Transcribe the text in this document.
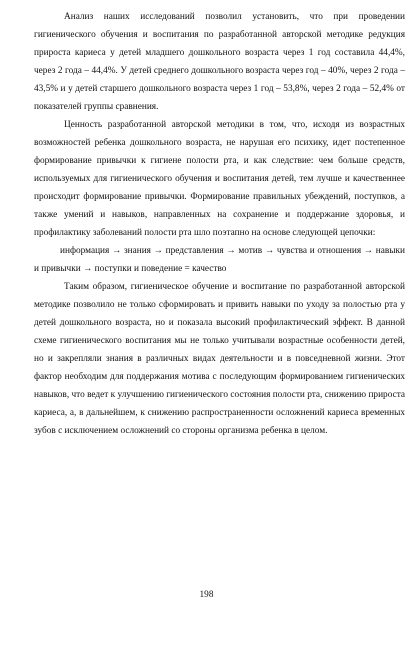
Анализ наших исследований позволил установить, что при проведении гигиенического обучения и воспитания по разработанной авторской методике редукция прироста кариеса у детей младшего дошкольного возраста через 1 год составила 44,4%, через 2 года – 44,4%. У детей среднего дошкольного возраста через год – 40%, через 2 года – 43,5% и у детей старшего дошкольного возраста через 1 год – 53,8%, через 2 года – 52,4% от показателей группы сравнения.

Ценность разработанной авторской методики в том, что, исходя из возрастных возможностей ребенка дошкольного возраста, не нарушая его психику, идет постепенное формирование привычки к гигиене полости рта, и как следствие: чем больше средств, используемых для гигиенического обучения и воспитания детей, тем лучше и качественнее происходит формирование привычки. Формирование правильных убеждений, поступков, а также умений и навыков, направленных на сохранение и поддержание здоровья, и профилактику заболеваний полости рта шло поэтапно на основе следующей цепочки:

информация → знания → представления → мотив → чувства и отношения → навыки и привычки → поступки и поведение = качество

Таким образом, гигиеническое обучение и воспитание по разработанной авторской методике позволило не только сформировать и привить навыки по уходу за полостью рта у детей дошкольного возраста, но и показала высокий профилактический эффект. В данной схеме гигиенического воспитания мы не только учитывали возрастные особенности детей, но и закрепляли знания в различных видах деятельности и в повседневной жизни. Этот фактор необходим для поддержания мотива с последующим формированием гигиенических навыков, что ведет к улучшению гигиенического состояния полости рта, снижению прироста кариеса, а, в дальнейшем, к снижению распространенности осложнений кариеса временных зубов с исключением осложнений со стороны организма ребенка в целом.

198
